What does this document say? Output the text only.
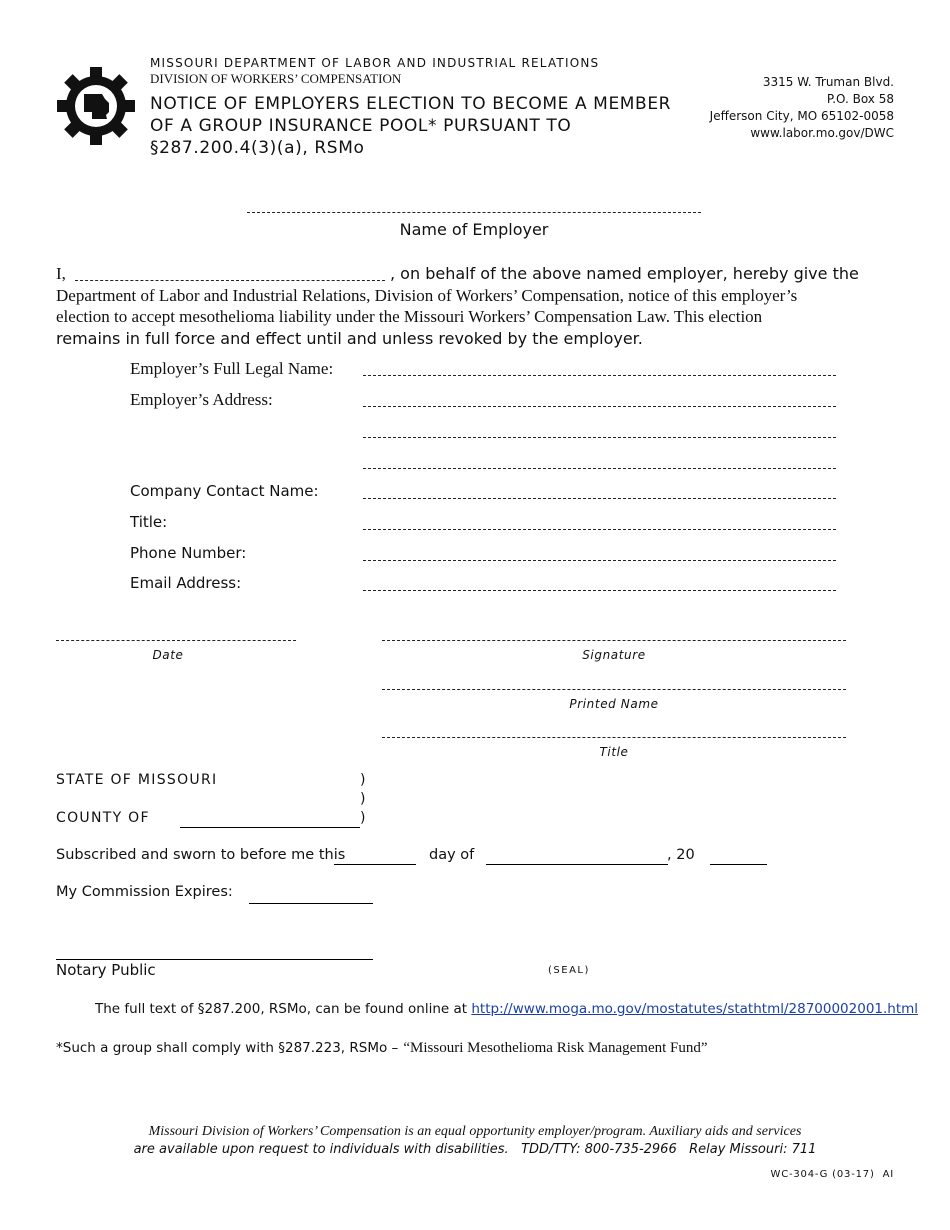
MISSOURI DEPARTMENT OF LABOR AND INDUSTRIAL RELATIONS
DIVISION OF WORKERS’ COMPENSATION
NOTICE OF EMPLOYERS ELECTION TO BECOME A MEMBER
OF A GROUP INSURANCE POOL* PURSUANT TO
§287.200.4(3)(a), RSMo
3315 W. Truman Blvd.
P.O. Box 58
Jefferson City, MO 65102-0058
www.labor.mo.gov/DWC
Name of Employer
I,	, on behalf of the above named employer, hereby give the
Department of Labor and Industrial Relations, Division of Workers’ Compensation, notice of this employer’s
election to accept mesothelioma liability under the Missouri Workers’ Compensation Law. This election
remains in full force and effect until and unless revoked by the employer.
Employer’s Full Legal Name:
Employer’s Address:
Company Contact Name:
Title:
Phone Number:
Email Address:
Date	Signature
Printed Name
Title
STATE OF MISSOURI	)
)
COUNTY OF	)
Subscribed and sworn to before me this	day of	, 20
My Commission Expires:
Notary Public	(SEAL)
The full text of §287.200, RSMo, can be found online at http://www.moga.mo.gov/mostatutes/stathtml/28700002001.html
*Such a group shall comply with §287.223, RSMo – “Missouri Mesothelioma Risk Management Fund”
Missouri Division of Workers’ Compensation is an equal opportunity employer/program. Auxiliary aids and services
are available upon request to individuals with disabilities.   TDD/TTY: 800-735-2966   Relay Missouri: 711
WC-304-G (03-17)  AI
